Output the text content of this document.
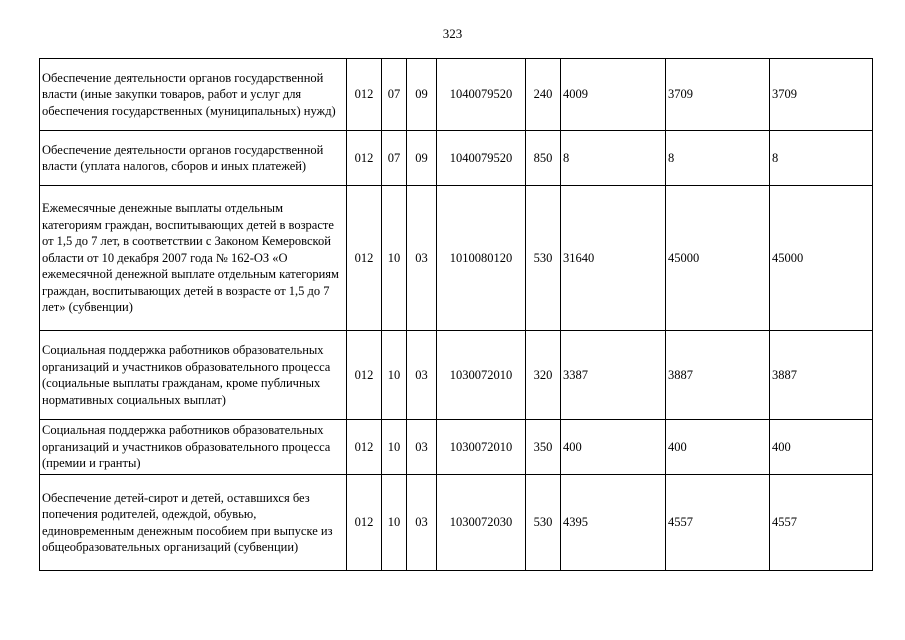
323
Обеспечение деятельности органов государственной власти (иные закупки товаров, работ и услуг для обеспечения государственных (муниципальных) нужд)	012	07	09	1040079520	240	4009	3709	3709
Обеспечение деятельности органов государственной власти (уплата налогов, сборов и иных платежей)	012	07	09	1040079520	850	8	8	8
Ежемесячные денежные выплаты отдельным категориям граждан, воспитывающих детей в возрасте от 1,5 до 7 лет, в соответствии с Законом Кемеровской области от 10 декабря 2007 года № 162-ОЗ «О ежемесячной денежной выплате отдельным категориям граждан, воспитывающих детей в возрасте от 1,5 до 7 лет» (субвенции)	012	10	03	1010080120	530	31640	45000	45000
Социальная поддержка работников образовательных организаций и участников образовательного процесса (социальные выплаты гражданам, кроме публичных нормативных социальных выплат)	012	10	03	1030072010	320	3387	3887	3887
Социальная поддержка работников образовательных организаций и участников образовательного процесса (премии и гранты)	012	10	03	1030072010	350	400	400	400
Обеспечение детей-сирот и детей, оставшихся без попечения родителей, одеждой, обувью, единовременным денежным пособием при выпуске из общеобразовательных организаций (субвенции)	012	10	03	1030072030	530	4395	4557	4557
